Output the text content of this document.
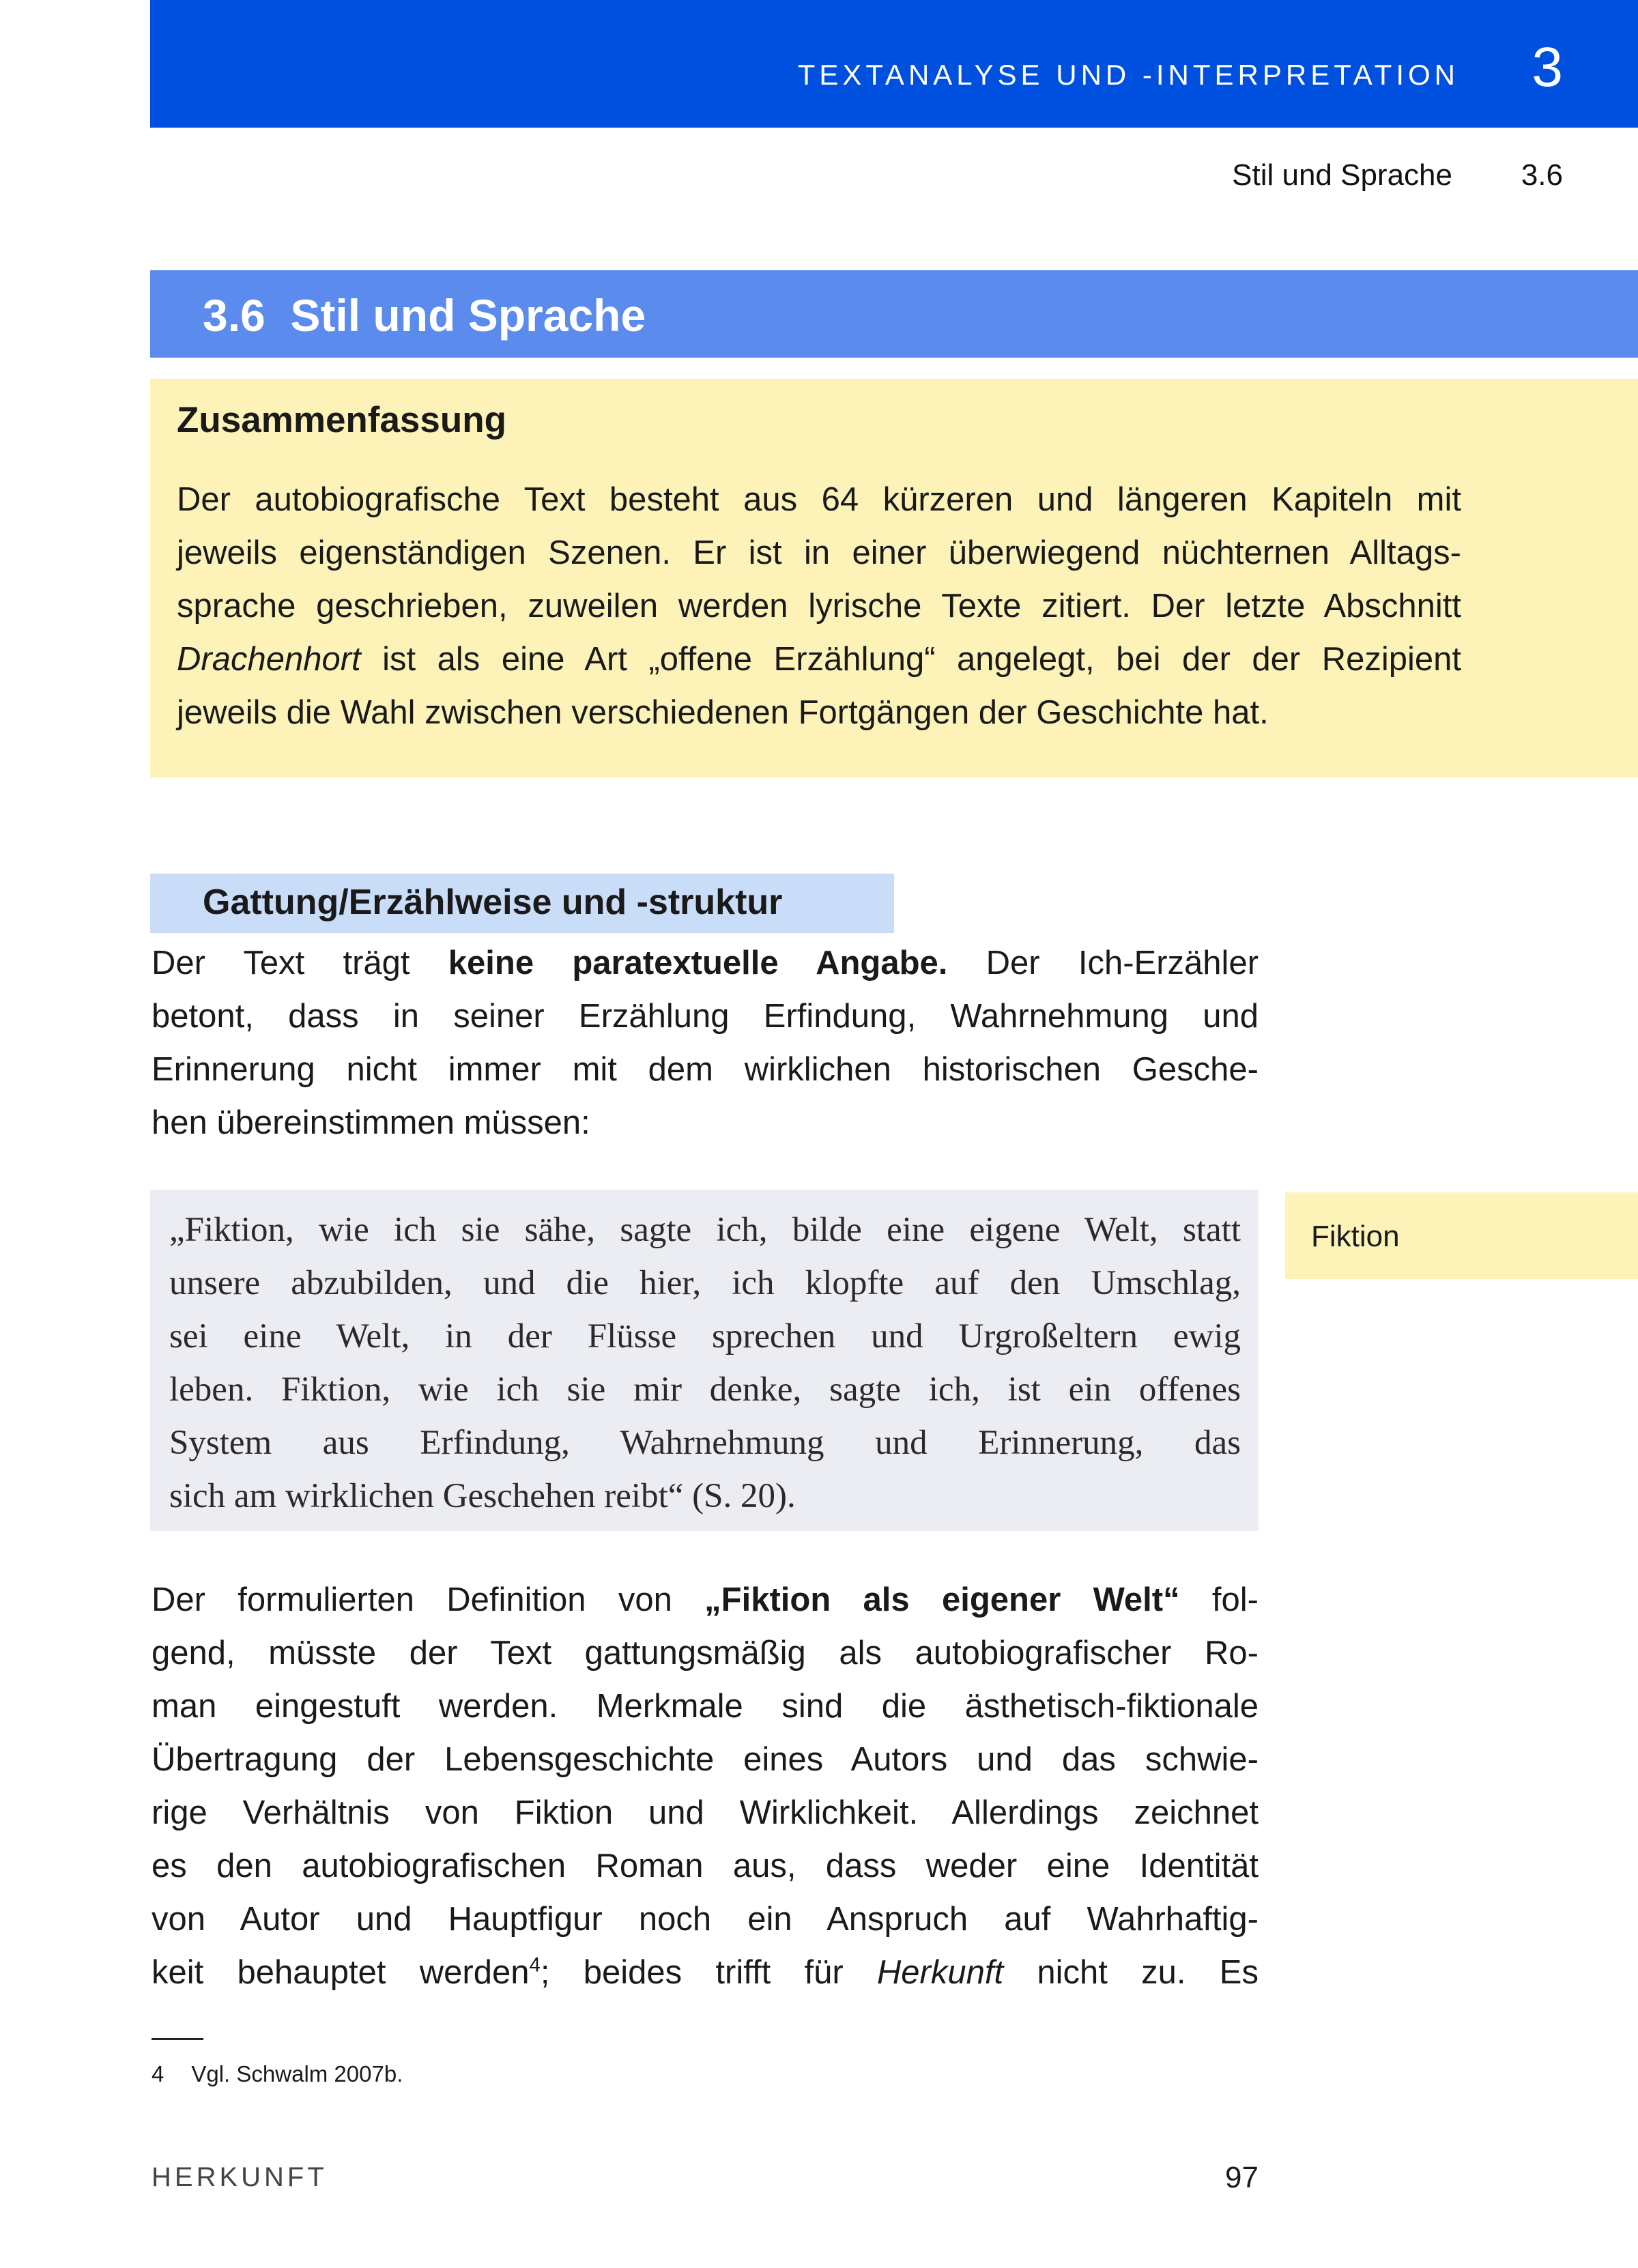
TEXTANALYSE UND -INTERPRETATION 3
Stil und Sprache 3.6
3.6  Stil und Sprache
Zusammenfassung
Der autobiografische Text besteht aus 64 kürzeren und längeren Kapiteln mit
jeweils eigenständigen Szenen. Er ist in einer überwiegend nüchternen Alltags-
sprache geschrieben, zuweilen werden lyrische Texte zitiert. Der letzte Abschnitt
Drachenhort ist als eine Art „offene Erzählung“ angelegt, bei der der Rezipient
jeweils die Wahl zwischen verschiedenen Fortgängen der Geschichte hat.
Gattung/Erzählweise und -struktur
Der Text trägt keine paratextuelle Angabe. Der Ich-Erzähler
betont, dass in seiner Erzählung Erfindung, Wahrnehmung und
Erinnerung nicht immer mit dem wirklichen historischen Gesche-
hen übereinstimmen müssen:
„Fiktion, wie ich sie sähe, sagte ich, bilde eine eigene Welt, statt
unsere abzubilden, und die hier, ich klopfte auf den Umschlag,
sei eine Welt, in der Flüsse sprechen und Urgroßeltern ewig
leben. Fiktion, wie ich sie mir denke, sagte ich, ist ein offenes
System aus Erfindung, Wahrnehmung und Erinnerung, das
sich am wirklichen Geschehen reibt“ (S. 20).
Fiktion
Der formulierten Definition von „Fiktion als eigener Welt“ fol-
gend, müsste der Text gattungsmäßig als autobiografischer Ro-
man eingestuft werden. Merkmale sind die ästhetisch-fiktionale
Übertragung der Lebensgeschichte eines Autors und das schwie-
rige Verhältnis von Fiktion und Wirklichkeit. Allerdings zeichnet
es den autobiografischen Roman aus, dass weder eine Identität
von Autor und Hauptfigur noch ein Anspruch auf Wahrhaftig-
keit behauptet werden$^4$; beides trifft für Herkunft nicht zu. Es
4 Vgl. Schwalm 2007b.
HERKUNFT	97
